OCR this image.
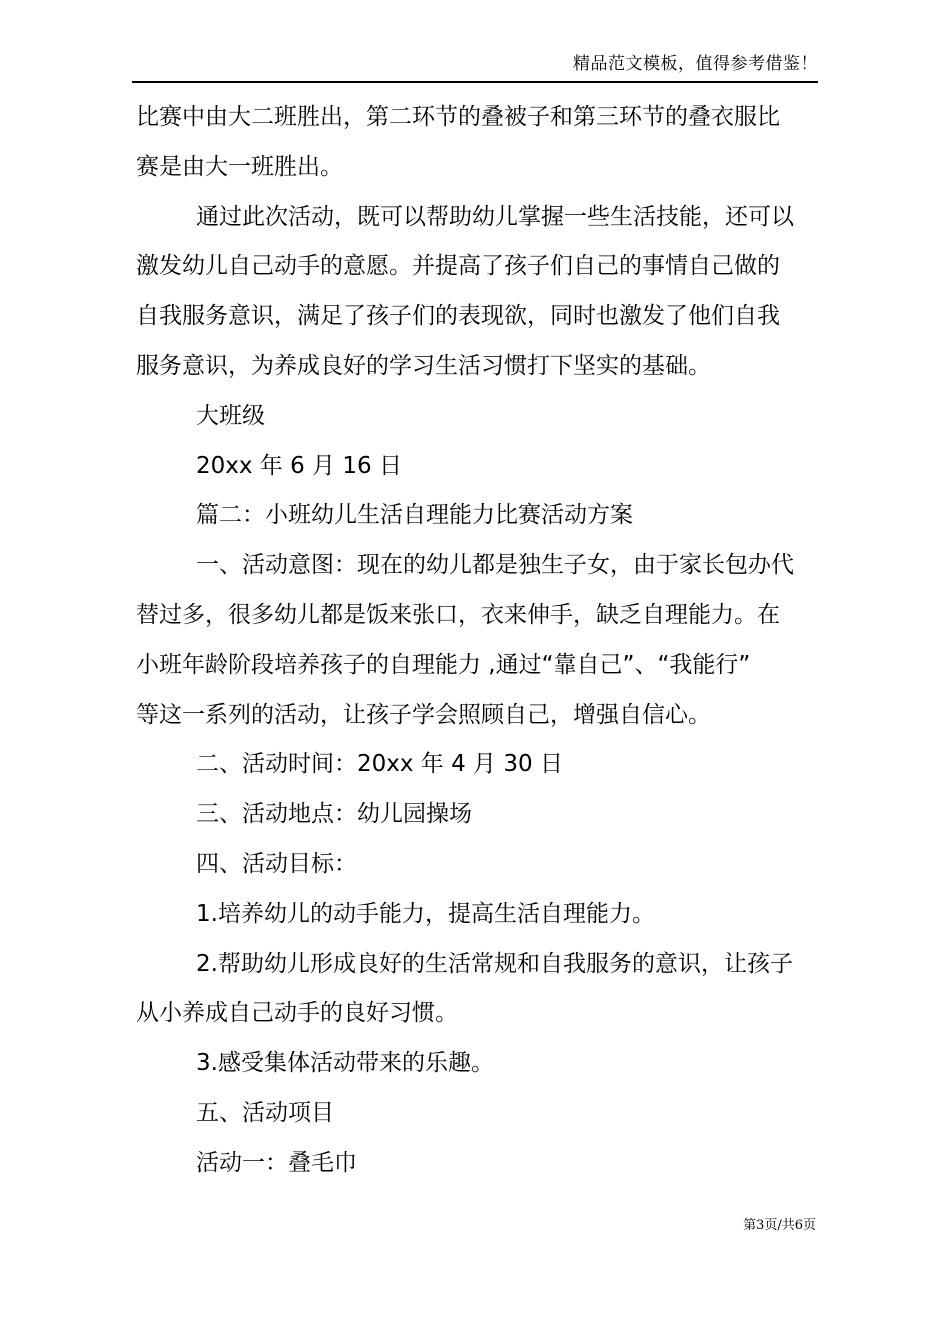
精品范文模板，值得参考借鉴！

比赛中由大二班胜出，第二环节的叠被子和第三环节的叠衣服比

赛是由大一班胜出。

通过此次活动，既可以帮助幼儿掌握一些生活技能，还可以

激发幼儿自己动手的意愿。并提高了孩子们自己的事情自己做的

自我服务意识，满足了孩子们的表现欲，同时也激发了他们自我

服务意识，为养成良好的学习生活习惯打下坚实的基础。

大班级

20xx 年 6 月 16 日

篇二：小班幼儿生活自理能力比赛活动方案

一、活动意图：现在的幼儿都是独生子女，由于家长包办代

替过多，很多幼儿都是饭来张口，衣来伸手，缺乏自理能力。在

小班年龄阶段培养孩子的自理能力 ,通过“靠自己”、“我能行”

等这一系列的活动，让孩子学会照顾自己，增强自信心。

二、活动时间：20xx 年 4 月 30 日

三、活动地点：幼儿园操场

四、活动目标：

1.培养幼儿的动手能力，提高生活自理能力。

2.帮助幼儿形成良好的生活常规和自我服务的意识，让孩子

从小养成自己动手的良好习惯。

3.感受集体活动带来的乐趣。

五、活动项目

活动一：叠毛巾

第3页/共6页
